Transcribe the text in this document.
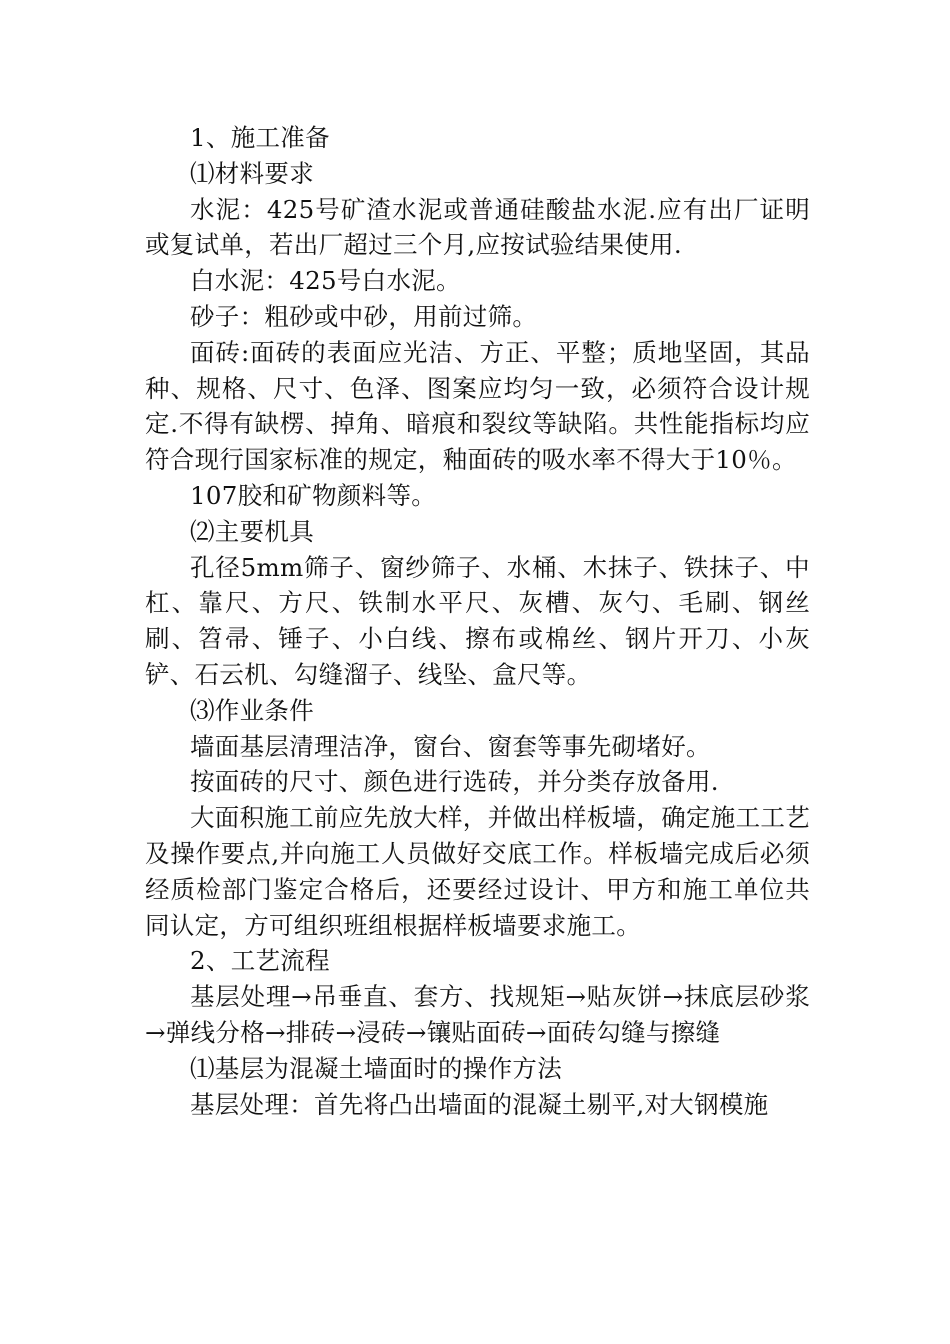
1、施工准备

⑴材料要求

水泥：425号矿渣水泥或普通硅酸盐水泥.应有出厂证明或复试单，若出厂超过三个月,应按试验结果使用.

白水泥：425号白水泥。

砂子：粗砂或中砂，用前过筛。

面砖:面砖的表面应光洁、方正、平整；质地坚固，其品种、规格、尺寸、色泽、图案应均匀一致，必须符合设计规定.不得有缺楞、掉角、暗痕和裂纹等缺陷。共性能指标均应符合现行国家标准的规定，釉面砖的吸水率不得大于10％。

107胶和矿物颜料等。

⑵主要机具

孔径5mm筛子、窗纱筛子、水桶、木抹子、铁抹子、中杠、靠尺、方尺、铁制水平尺、灰槽、灰勺、毛刷、钢丝刷、笤帚、锤子、小白线、擦布或棉丝、钢片开刀、小灰铲、石云机、勾缝溜子、线坠、盒尺等。

⑶作业条件

墙面基层清理洁净，窗台、窗套等事先砌堵好。

按面砖的尺寸、颜色进行选砖，并分类存放备用.

大面积施工前应先放大样，并做出样板墙，确定施工工艺及操作要点,并向施工人员做好交底工作。样板墙完成后必须经质检部门鉴定合格后，还要经过设计、甲方和施工单位共同认定，方可组织班组根据样板墙要求施工。

2、工艺流程

基层处理→吊垂直、套方、找规矩→贴灰饼→抹底层砂浆→弹线分格→排砖→浸砖→镶贴面砖→面砖勾缝与擦缝

⑴基层为混凝土墙面时的操作方法

基层处理：首先将凸出墙面的混凝土剔平,对大钢模施
